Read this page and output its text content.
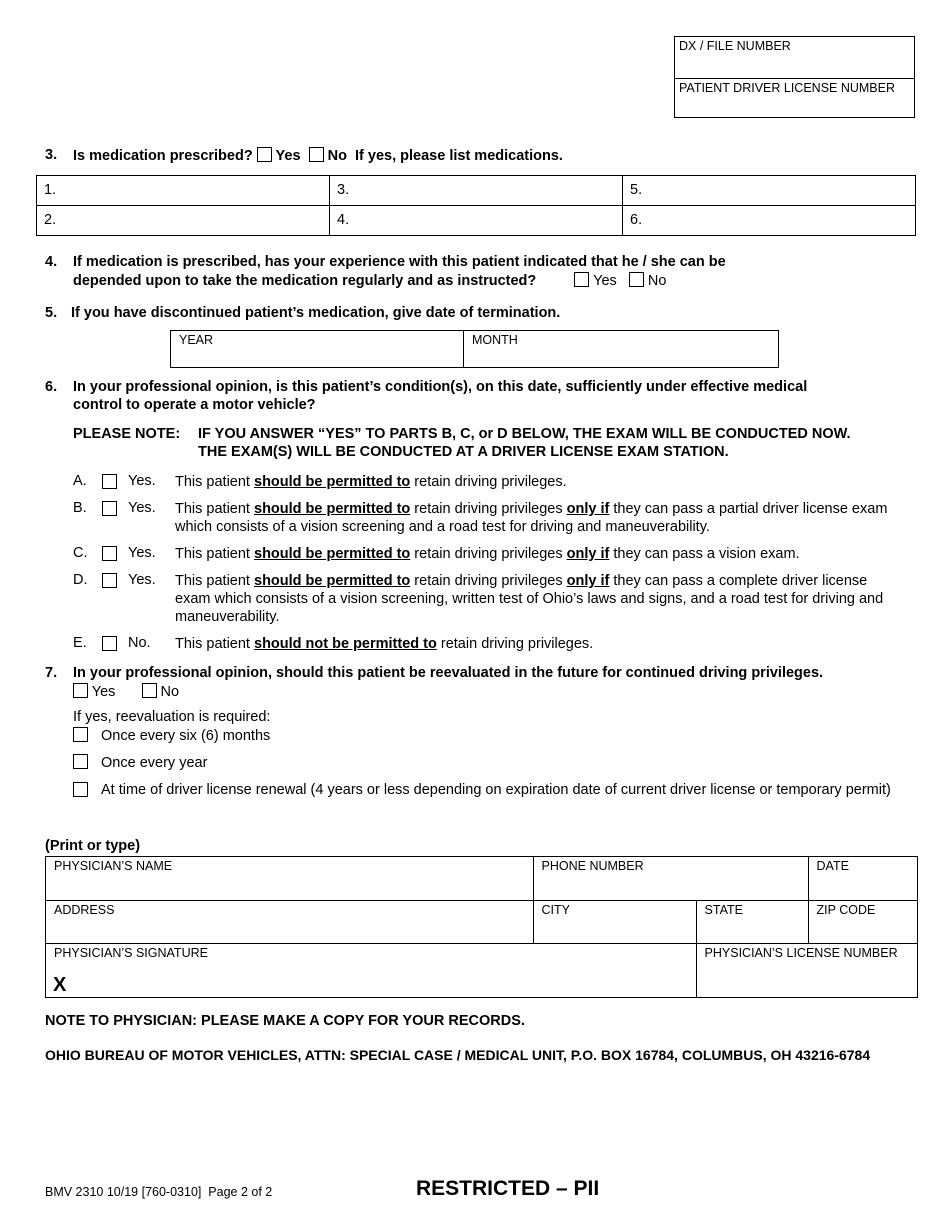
DX / FILE NUMBER
PATIENT DRIVER LICENSE NUMBER
3. Is medication prescribed? Yes No If yes, please list medications.
1.	3.	5.
2.	4.	6.
4. If medication is prescribed, has your experience with this patient indicated that he / she can be
depended upon to take the medication regularly and as instructed?	Yes No
5. If you have discontinued patient’s medication, give date of termination.
YEAR	MONTH
6. In your professional opinion, is this patient’s condition(s), on this date, sufficiently under effective medical
control to operate a motor vehicle?
PLEASE NOTE: IF YOU ANSWER “YES” TO PARTS B, C, or D BELOW, THE EXAM WILL BE CONDUCTED NOW.
THE EXAM(S) WILL BE CONDUCTED AT A DRIVER LICENSE EXAM STATION.
A.	Yes. This patient should be permitted to retain driving privileges.
B.	Yes. This patient should be permitted to retain driving privileges only if they can pass a partial driver license exam which consists of a vision screening and a road test for driving and maneuverability.
C.	Yes. This patient should be permitted to retain driving privileges only if they can pass a vision exam.
D.	Yes. This patient should be permitted to retain driving privileges only if they can pass a complete driver license exam which consists of a vision screening, written test of Ohio’s laws and signs, and a road test for driving and maneuverability.
E.	No. This patient should not be permitted to retain driving privileges.
7. In your professional opinion, should this patient be reevaluated in the future for continued driving privileges.
Yes	No
If yes, reevaluation is required:
Once every six (6) months
Once every year
At time of driver license renewal (4 years or less depending on expiration date of current driver license or temporary permit)
(Print or type)
PHYSICIAN’S NAME	PHONE NUMBER		DATE
ADDRESS	CITY	STATE	ZIP CODE
PHYSICIAN’S SIGNATURE		PHYSICIAN’S LICENSE NUMBER	
X
NOTE TO PHYSICIAN: PLEASE MAKE A COPY FOR YOUR RECORDS.
OHIO BUREAU OF MOTOR VEHICLES, ATTN: SPECIAL CASE / MEDICAL UNIT, P.O. BOX 16784, COLUMBUS, OH 43216-6784
BMV 2310 10/19 [760-0310]  Page 2 of 2	RESTRICTED – PII
